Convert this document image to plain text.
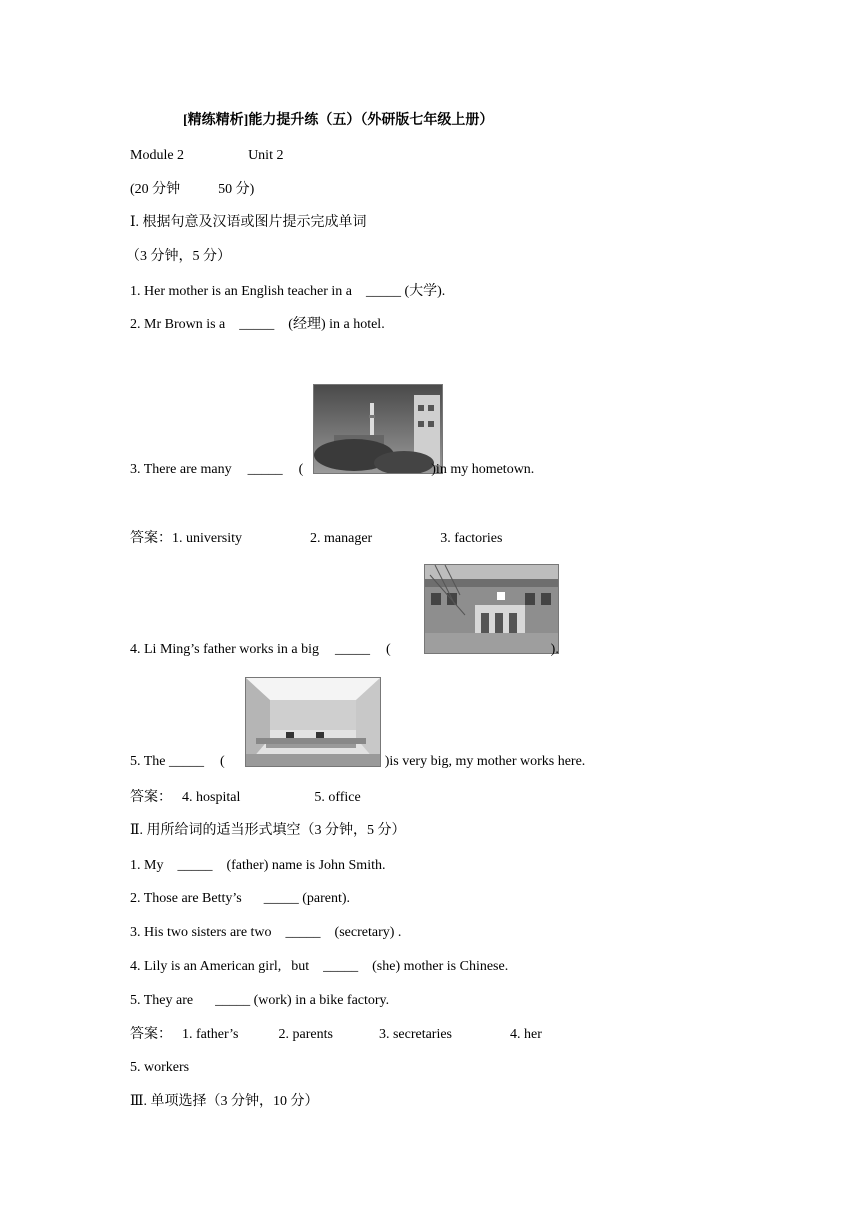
[精练精析]能力提升练（五）（外研版七年级上册）
Module 2	Unit 2
(20 分钟	50 分)
Ⅰ. 根据句意及汉语或图片提示完成单词
（3 分钟，5 分）
1. Her mother is an English teacher in a _____ (大学).
2. Mr Brown is a _____ (经理) in a hotel.
3. There are many _____ (	)in my hometown.
答案：1. university	2. manager	3. factories
4. Li Ming’s father works in a big _____ (	).
5. The _____ (	)is very big, my mother works here.
答案： 4. hospital	5. office
Ⅱ. 用所给词的适当形式填空（3 分钟，5 分）
1. My _____ (father) name is John Smith.
2. Those are Betty’s _____ (parent).
3. His two sisters are two _____ (secretary) .
4. Lily is an American girl, but _____ (she) mother is Chinese.
5. They are _____ (work) in a bike factory.
答案： 1. father’s	2. parents	3. secretaries	4. her
5. workers
Ⅲ. 单项选择（3 分钟，10 分）
